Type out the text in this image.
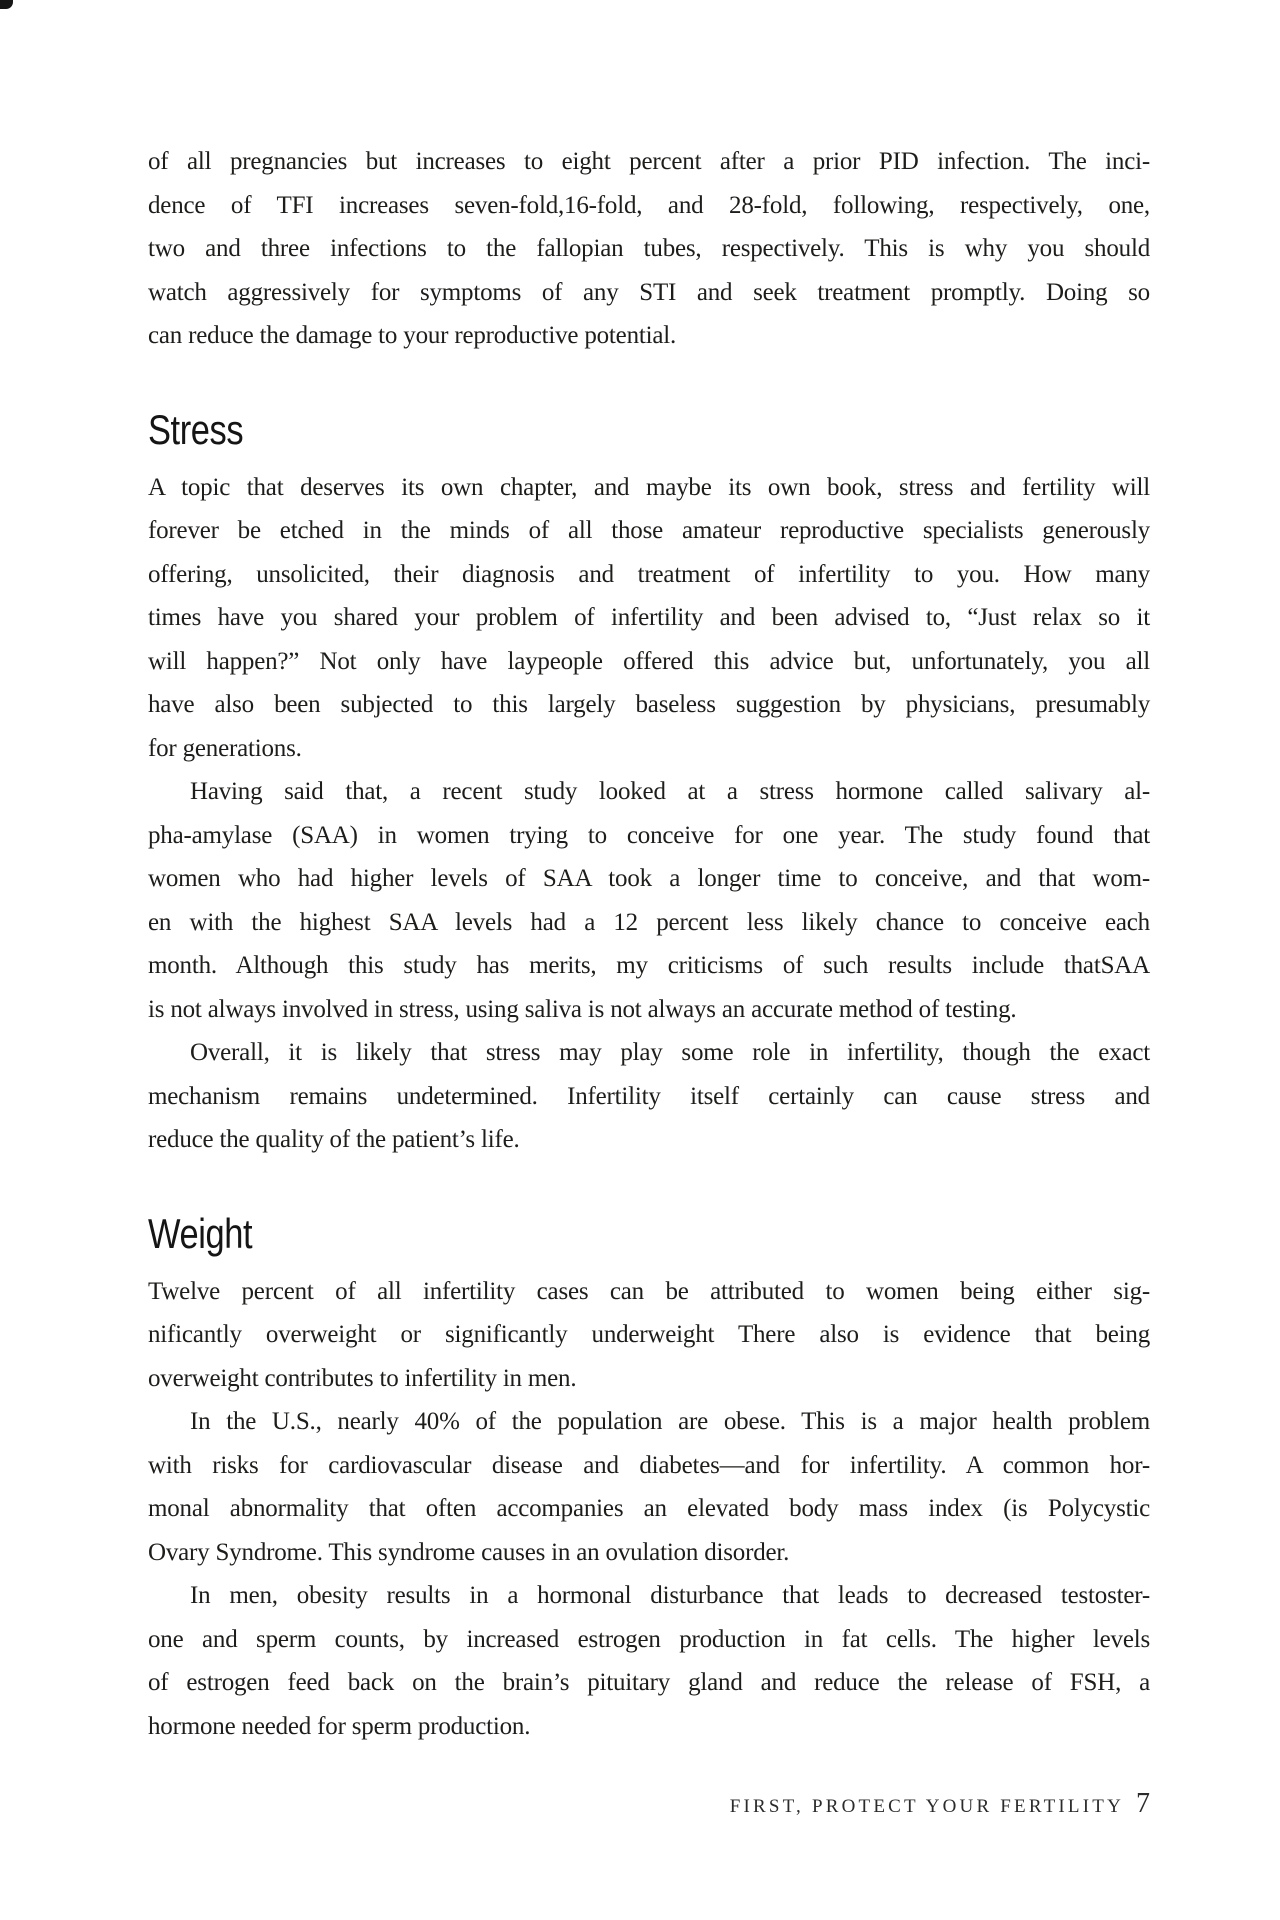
of all pregnancies but increases to eight percent after a prior PID infection. The inci-
dence of TFI increases seven-fold,16-fold, and 28-fold, following, respectively, one,
two and three infections to the fallopian tubes, respectively. This is why you should
watch aggressively for symptoms of any STI and seek treatment promptly. Doing so
can reduce the damage to your reproductive potential.
Stress
A topic that deserves its own chapter, and maybe its own book, stress and fertility will
forever be etched in the minds of all those amateur reproductive specialists generously
offering, unsolicited, their diagnosis and treatment of infertility to you. How many
times have you shared your problem of infertility and been advised to, “Just relax so it
will happen?” Not only have laypeople offered this advice but, unfortunately, you all
have also been subjected to this largely baseless suggestion by physicians, presumably
for generations.
Having said that, a recent study looked at a stress hormone called salivary al-
pha-amylase (SAA) in women trying to conceive for one year. The study found that
women who had higher levels of SAA took a longer time to conceive, and that wom-
en with the highest SAA levels had a 12 percent less likely chance to conceive each
month. Although this study has merits, my criticisms of such results include thatSAA
is not always involved in stress, using saliva is not always an accurate method of testing.
Overall, it is likely that stress may play some role in infertility, though the exact
mechanism remains undetermined. Infertility itself certainly can cause stress and
reduce the quality of the patient’s life.
Weight
Twelve percent of all infertility cases can be attributed to women being either sig-
nificantly overweight or significantly underweight There also is evidence that being
overweight contributes to infertility in men.
In the U.S., nearly 40% of the population are obese. This is a major health problem
with risks for cardiovascular disease and diabetes—and for infertility. A common hor-
monal abnormality that often accompanies an elevated body mass index (is Polycystic
Ovary Syndrome. This syndrome causes in an ovulation disorder.
In men, obesity results in a hormonal disturbance that leads to decreased testoster-
one and sperm counts, by increased estrogen production in fat cells. The higher levels
of estrogen feed back on the brain’s pituitary gland and reduce the release of FSH, a
hormone needed for sperm production.
FIRST, PROTECT YOUR FERTILITY 7
